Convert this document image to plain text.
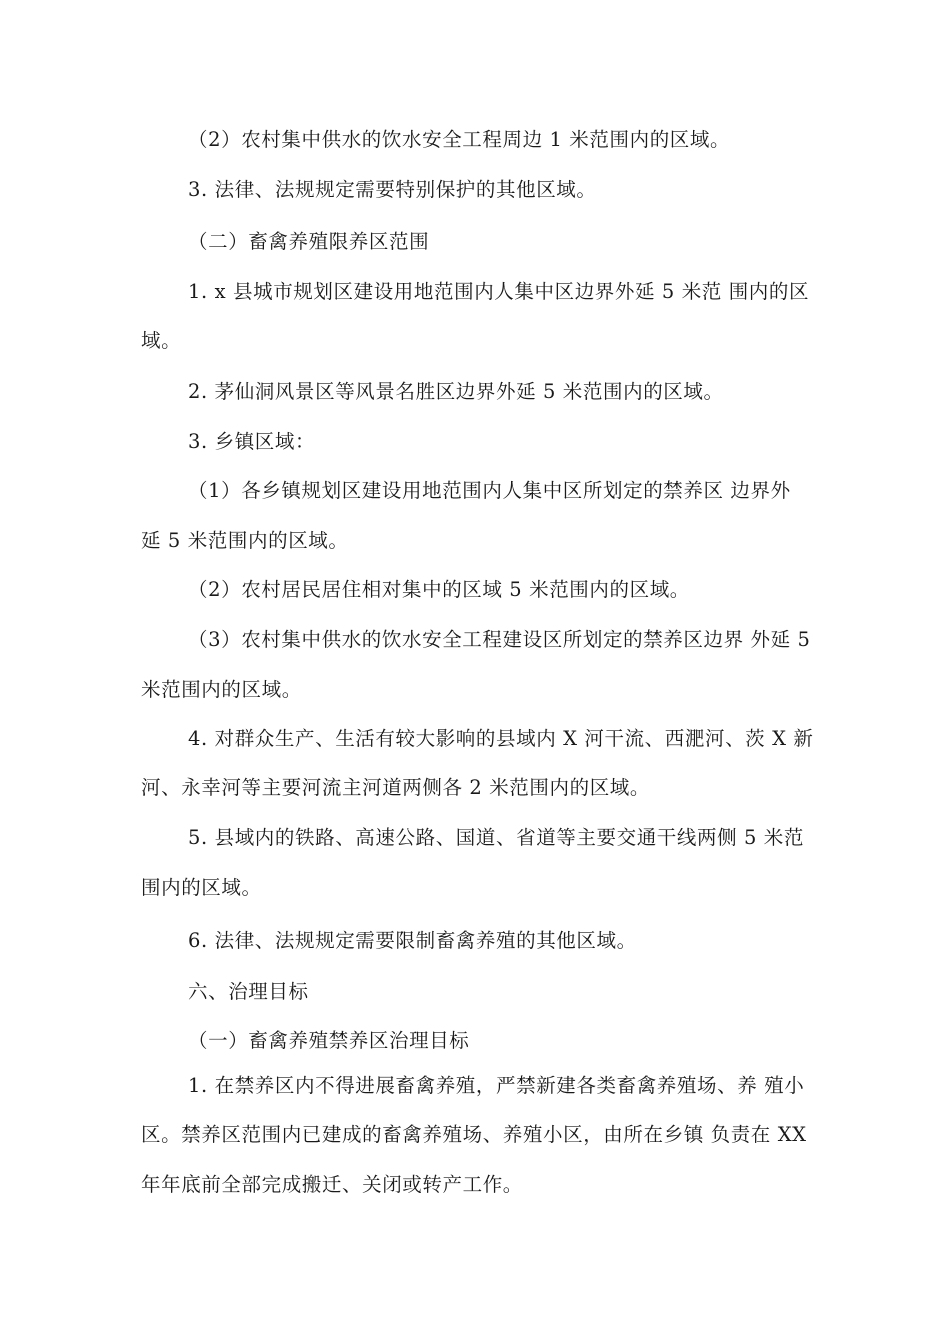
（2）农村集中供水的饮水安全工程周边 1 米范围内的区域。
3. 法律、法规规定需要特别保护的其他区域。
（二）畜禽养殖限养区范围
1. x 县城市规划区建设用地范围内人集中区边界外延 5 米范 围内的区
域。
2. 茅仙洞风景区等风景名胜区边界外延 5 米范围内的区域。
3. 乡镇区域：
（1）各乡镇规划区建设用地范围内人集中区所划定的禁养区 边界外
延 5 米范围内的区域。
（2）农村居民居住相对集中的区域 5 米范围内的区域。
（3）农村集中供水的饮水安全工程建设区所划定的禁养区边界 外延 5
米范围内的区域。
4. 对群众生产、生活有较大影响的县域内 X 河干流、西淝河、茨 X 新
河、永幸河等主要河流主河道两侧各 2 米范围内的区域。
5. 县域内的铁路、高速公路、国道、省道等主要交通干线两侧 5 米范
围内的区域。
6. 法律、法规规定需要限制畜禽养殖的其他区域。
六、治理目标
（一）畜禽养殖禁养区治理目标
1. 在禁养区内不得进展畜禽养殖，严禁新建各类畜禽养殖场、养 殖小
区。禁养区范围内已建成的畜禽养殖场、养殖小区，由所在乡镇 负责在 XX
年年底前全部完成搬迁、关闭或转产工作。
